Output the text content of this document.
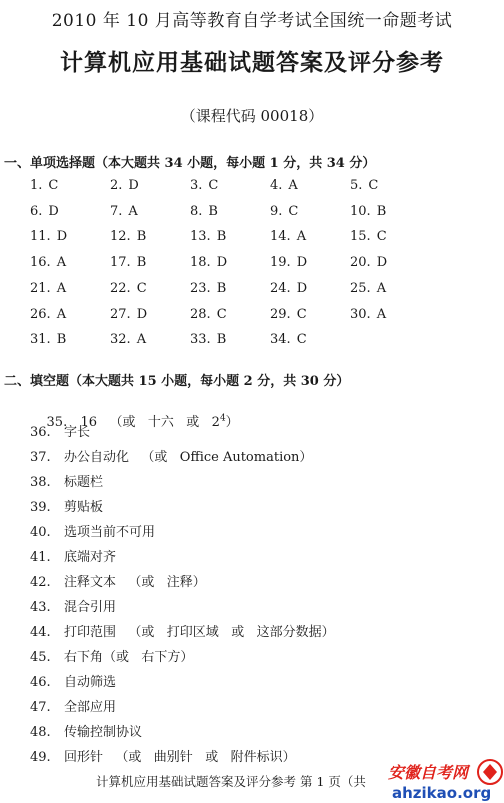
2010 年 10 月高等教育自学考试全国统一命题考试
计算机应用基础试题答案及评分参考
（课程代码 00018）
一、单项选择题（本大题共 34 小题，每小题 1 分，共 34 分）
1. C	2. D	3. C	4. A	5. C
6. D	7. A	8. B	9. C	10. B
11. D	12. B	13. B	14. A	15. C
16. A	17. B	18. D	19. D	20. D
21. A	22. C	23. B	24. D	25. A
26. A	27. D	28. C	29. C	30. A
31. B	32. A	33. B	34. C
二、填空题（本大题共 15 小题，每小题 2 分，共 30 分）

35. 16   （或   十六   或   $2^4$）

36. 字长
37. 办公自动化   （或   Office Automation）
38. 标题栏
39. 剪贴板
40. 选项当前不可用
41. 底端对齐
42. 注释文本   （或   注释）
43. 混合引用
44. 打印范围   （或   打印区域   或   这部分数据）
45. 右下角（或   右下方）
46. 自动筛选
47. 全部应用
48. 传输控制协议
49. 回形针   （或   曲别针   或   附件标识）
计算机应用基础试题答案及评分参考 第 1 页（共 安徽自考网
ahzikao.org
